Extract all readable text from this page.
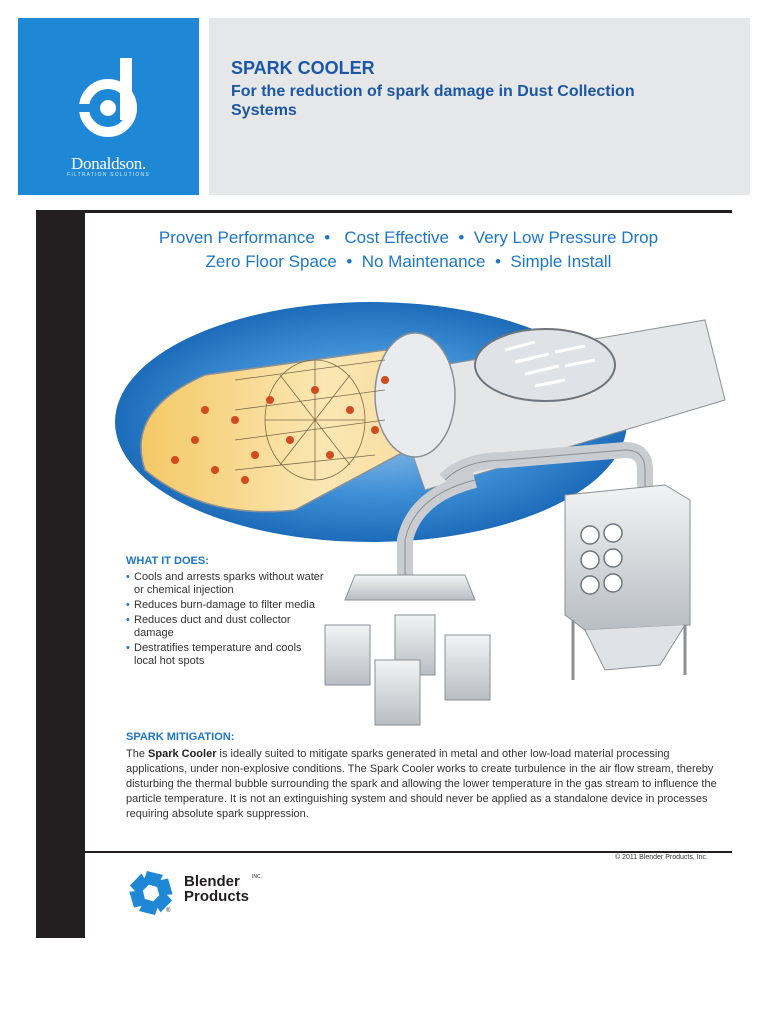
Donaldson.
FILTRATION SOLUTIONS
SPARK COOLER
For the reduction of spark damage in Dust Collection Systems
Proven Performance  •   Cost Effective  •  Very Low Pressure Drop
Zero Floor Space  •  No Maintenance  •  Simple Install
WHAT IT DOES:
• Cools and arrests sparks without water or chemical injection
• Reduces burn-damage to filter media
• Reduces duct and dust collector damage
• Destratifies temperature and cools local hot spots
SPARK MITIGATION:

The Spark Cooler is ideally suited to mitigate sparks generated in metal and other low-load material processing applications, under non-explosive conditions. The Spark Cooler works to create turbulence in the air flow stream, thereby disturbing the thermal bubble surrounding the spark and allowing the lower temperature in the gas stream to influence the particle temperature. It is not an extinguishing system and should never be applied as a standalone device in processes requiring absolute spark suppression.

© 2011 Blender Products, Inc.
Blender
Products
INC.
®
